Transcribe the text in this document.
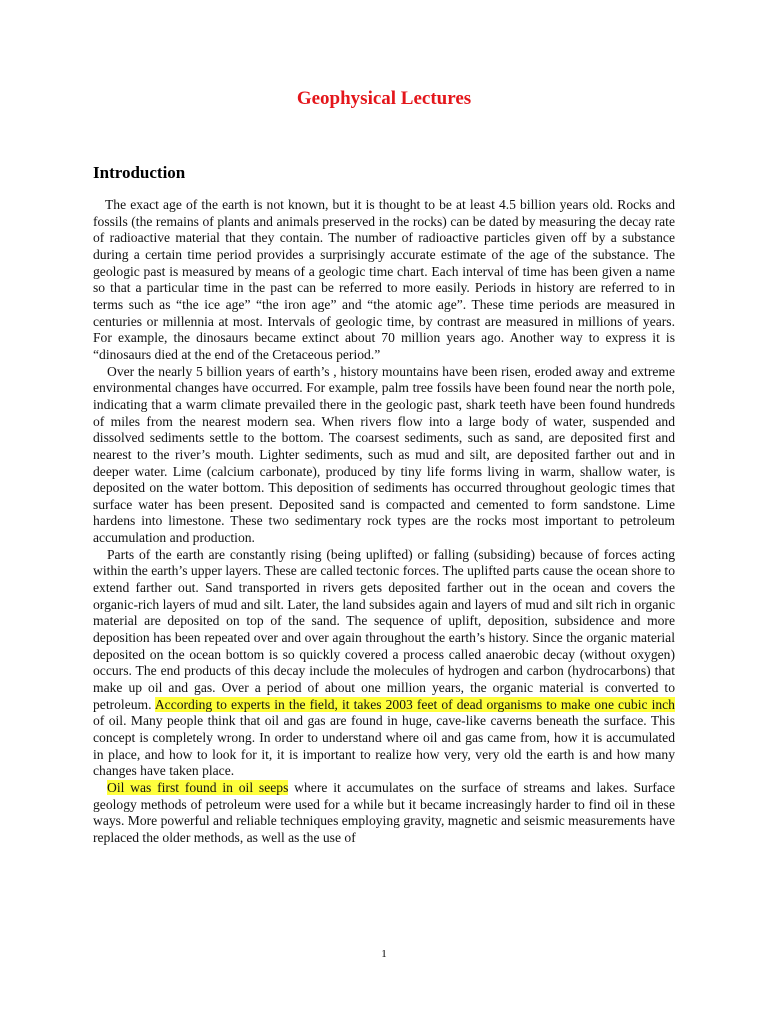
Geophysical Lectures
Introduction

The exact age of the earth is not known, but it is thought to be at least 4.5 billion years old. Rocks and fossils (the remains of plants and animals preserved in the rocks) can be dated by measuring the decay rate of radioactive material that they contain. The number of radioactive particles given off by a substance during a certain time period provides a surprisingly accurate estimate of the age of the substance. The geologic past is measured by means of a geologic time chart. Each interval of time has been given a name so that a particular time in the past can be referred to more easily. Periods in history are referred to in terms such as “the ice age” “the iron age” and “the atomic age”. These time periods are measured in centuries or millennia at most. Intervals of geologic time, by contrast are measured in millions of years. For example, the dinosaurs became extinct about 70 million years ago. Another way to express it is “dinosaurs died at the end of the Cretaceous period.”

Over the nearly 5 billion years of earth’s , history mountains have been risen, eroded away and extreme environmental changes have occurred. For example, palm tree fossils have been found near the north pole, indicating that a warm climate prevailed there in the geologic past, shark teeth have been found hundreds of miles from the nearest modern sea. When rivers flow into a large body of water, suspended and dissolved sediments settle to the bottom. The coarsest sediments, such as sand, are deposited first and nearest to the river’s mouth. Lighter sediments, such as mud and silt, are deposited farther out and in deeper water. Lime (calcium carbonate), produced by tiny life forms living in warm, shallow water, is deposited on the water bottom. This deposition of sediments has occurred throughout geologic times that surface water has been present. Deposited sand is compacted and cemented to form sandstone. Lime hardens into limestone. These two sedimentary rock types are the rocks most important to petroleum accumulation and production.

Parts of the earth are constantly rising (being uplifted) or falling (subsiding) because of forces acting within the earth’s upper layers. These are called tectonic forces. The uplifted parts cause the ocean shore to extend farther out. Sand transported in rivers gets deposited farther out in the ocean and covers the organic-rich layers of mud and silt. Later, the land subsides again and layers of mud and silt rich in organic material are deposited on top of the sand. The sequence of uplift, deposition, subsidence and more deposition has been repeated over and over again throughout the earth’s history. Since the organic material deposited on the ocean bottom is so quickly covered a process called anaerobic decay (without oxygen) occurs. The end products of this decay include the molecules of hydrogen and carbon (hydrocarbons) that make up oil and gas. Over a period of about one million years, the organic material is converted to petroleum. According to experts in the field, it takes 2003 feet of dead organisms to make one cubic inch of oil. Many people think that oil and gas are found in huge, cave-like caverns beneath the surface. This concept is completely wrong. In order to understand where oil and gas came from, how it is accumulated in place, and how to look for it, it is important to realize how very, very old the earth is and how many changes have taken place.

Oil was first found in oil seeps where it accumulates on the surface of streams and lakes. Surface geology methods of petroleum were used for a while but it became increasingly harder to find oil in these ways. More powerful and reliable techniques employing gravity, magnetic and seismic measurements have replaced the older methods, as well as the use of

1
